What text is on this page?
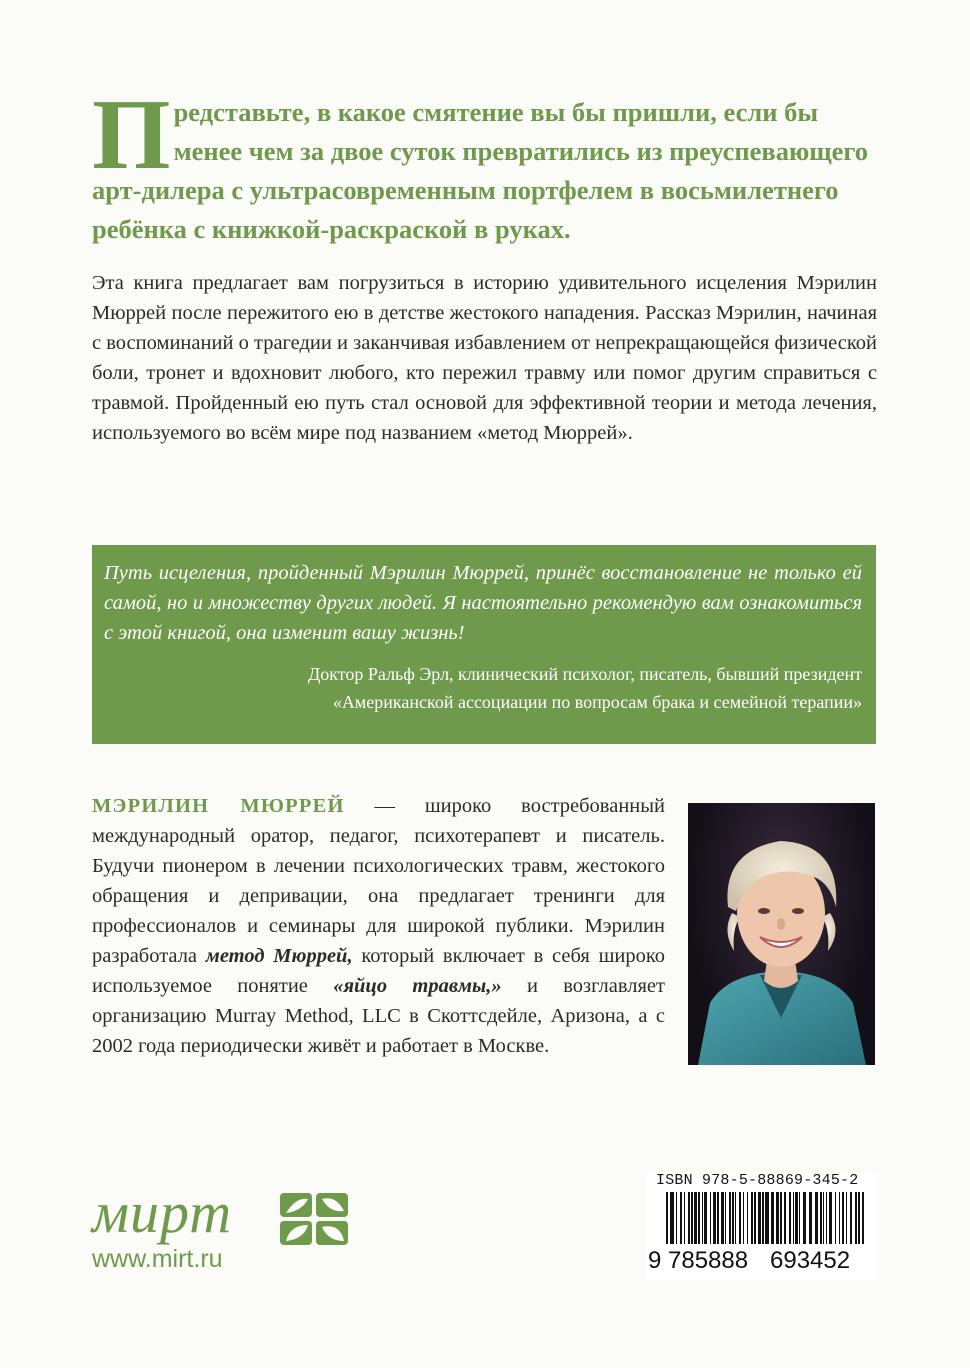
Представьте, в какое смятение вы бы пришли, если бы менее чем за двое суток превратились из преуспевающего арт-дилера с ультрасовременным портфелем в восьмилетнего ребёнка с книжкой-раскраской в руках.
Эта книга предлагает вам погрузиться в историю удивительного исцеления Мэрилин Мюррей после пережитого ею в детстве жестокого нападения. Рассказ Мэрилин, начиная с воспоминаний о трагедии и заканчивая избавлением от непрекращающейся физической боли, тронет и вдохновит любого, кто пережил травму или помог другим справиться с травмой. Пройденный ею путь стал основой для эффективной теории и метода лечения, используемого во всём мире под названием «метод Мюррей».
Путь исцеления, пройденный Мэрилин Мюррей, принёс восстановление не только ей самой, но и множеству других людей. Я настоятельно рекомендую вам ознакомиться с этой книгой, она изменит вашу жизнь!
Доктор Ральф Эрл, клинический психолог, писатель, бывший президент
«Американской ассоциации по вопросам брака и семейной терапии»
МЭРИЛИН МЮРРЕЙ — широко востребованный международный оратор, педагог, психотерапевт и писатель. Будучи пионером в лечении психологических травм, жестокого обращения и депривации, она предлагает тренинги для профессионалов и семинары для широкой публики. Мэрилин разработала метод Мюррей, который включает в себя широко используемое понятие «яйцо травмы,» и возглавляет организацию Murray Method, LLC в Скоттсдейле, Аризона, а с 2002 года периодически живёт и работает в Москве.
мирт
www.mirt.ru
ISBN 978-5-88869-345-2
9 785888 693452
